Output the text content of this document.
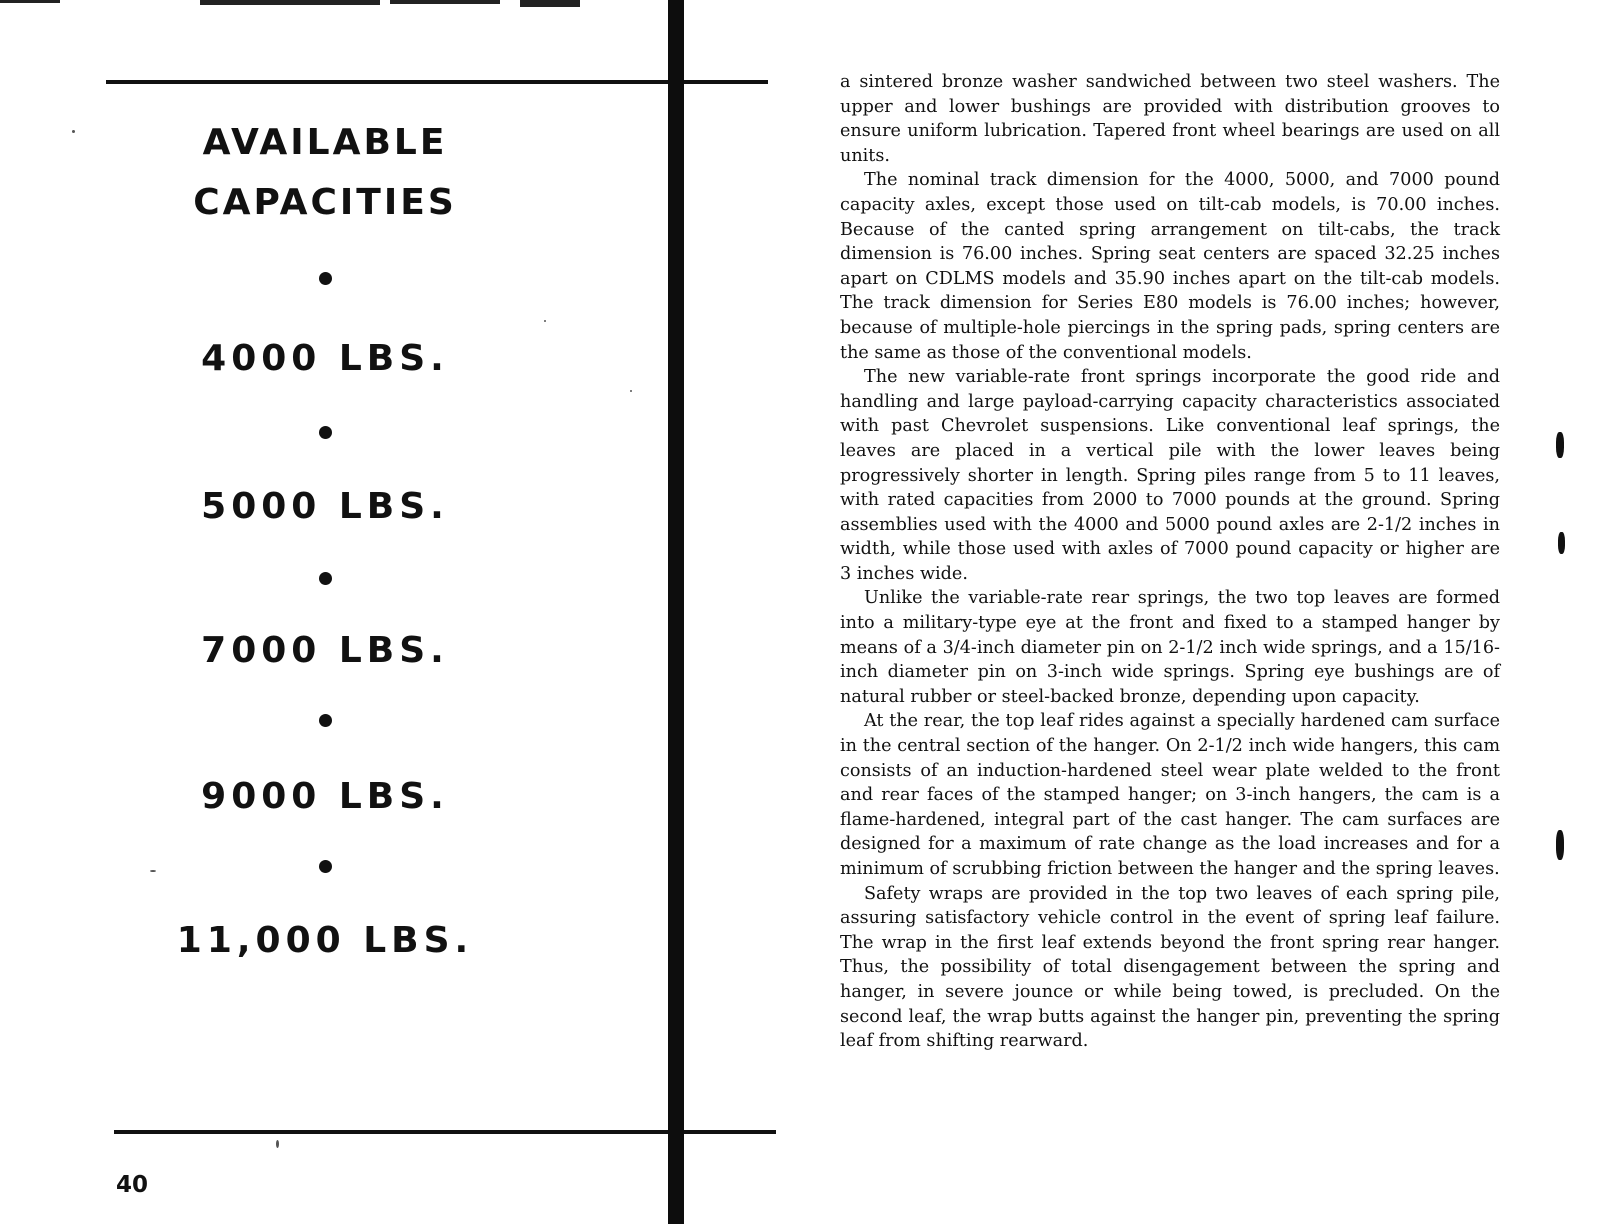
AVAILABLE
CAPACITIES
4000 LBS.
5000 LBS.
7000 LBS.
9000 LBS.
11,000 LBS.
40

a sintered bronze washer sandwiched between two steel washers. The upper and lower bushings are provided with distribution grooves to ensure uniform lubrication. Tapered front wheel bearings are used on all units.

The nominal track dimension for the 4000, 5000, and 7000 pound capacity axles, except those used on tilt-cab models, is 70.00 inches. Because of the canted spring arrangement on tilt-cabs, the track dimension is 76.00 inches. Spring seat centers are spaced 32.25 inches apart on CDLMS models and 35.90 inches apart on the tilt-cab models. The track dimension for Series E80 models is 76.00 inches; however, because of multiple-hole piercings in the spring pads, spring centers are the same as those of the conventional models.

The new variable-rate front springs incorporate the good ride and handling and large payload-carrying capacity characteristics associated with past Chevrolet suspensions. Like conventional leaf springs, the leaves are placed in a vertical pile with the lower leaves being progressively shorter in length. Spring piles range from 5 to 11 leaves, with rated capacities from 2000 to 7000 pounds at the ground. Spring assemblies used with the 4000 and 5000 pound axles are 2-1/2 inches in width, while those used with axles of 7000 pound capacity or higher are 3 inches wide.

Unlike the variable-rate rear springs, the two top leaves are formed into a military-type eye at the front and fixed to a stamped hanger by means of a 3/4-inch diameter pin on 2-1/2 inch wide springs, and a 15/16-inch diameter pin on 3-inch wide springs. Spring eye bushings are of natural rubber or steel-backed bronze, depending upon capacity.

At the rear, the top leaf rides against a specially hardened cam surface in the central section of the hanger. On 2-1/2 inch wide hangers, this cam consists of an induction-hardened steel wear plate welded to the front and rear faces of the stamped hanger; on 3-inch hangers, the cam is a flame-hardened, integral part of the cast hanger. The cam surfaces are designed for a maximum of rate change as the load increases and for a minimum of scrubbing friction between the hanger and the spring leaves.

Safety wraps are provided in the top two leaves of each spring pile, assuring satisfactory vehicle control in the event of spring leaf failure. The wrap in the first leaf extends beyond the front spring rear hanger. Thus, the possibility of total disengagement between the spring and hanger, in severe jounce or while being towed, is precluded. On the second leaf, the wrap butts against the hanger pin, preventing the spring leaf from shifting rearward.
